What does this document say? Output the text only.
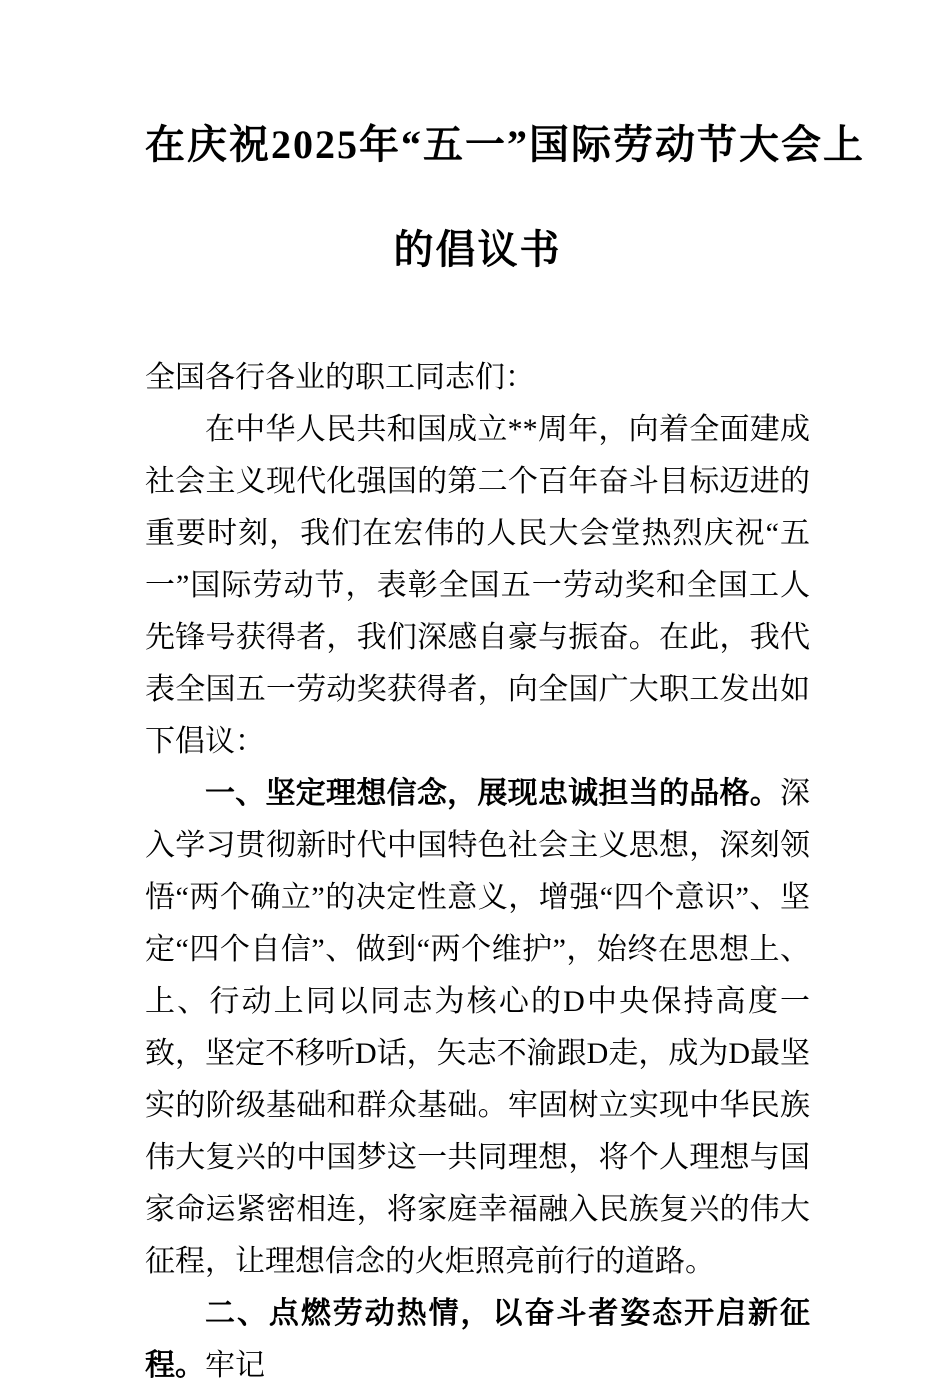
在庆祝2025年“五一”国际劳动节大会上
的倡议书

全国各行各业的职工同志们：

在中华人民共和国成立**周年，向着全面建成社会主义现代化强国的第二个百年奋斗目标迈进的重要时刻，我们在宏伟的人民大会堂热烈庆祝“五一”国际劳动节，表彰全国五一劳动奖和全国工人先锋号获得者，我们深感自豪与振奋。在此，我代表全国五一劳动奖获得者，向全国广大职工发出如下倡议：

一、坚定理想信念，展现忠诚担当的品格。深入学习贯彻新时代中国特色社会主义思想，深刻领悟“两个确立”的决定性意义，增强“四个意识”、坚定“四个自信”、做到“两个维护”，始终在思想上、上、行动上同以同志为核心的D中央保持高度一致，坚定不移听D话，矢志不渝跟D走，成为D最坚实的阶级基础和群众基础。牢固树立实现中华民族伟大复兴的中国梦这一共同理想，将个人理想与国家命运紧密相连，将家庭幸福融入民族复兴的伟大征程，让理想信念的火炬照亮前行的道路。

二、点燃劳动热情，以奋斗者姿态开启新征程。牢记
